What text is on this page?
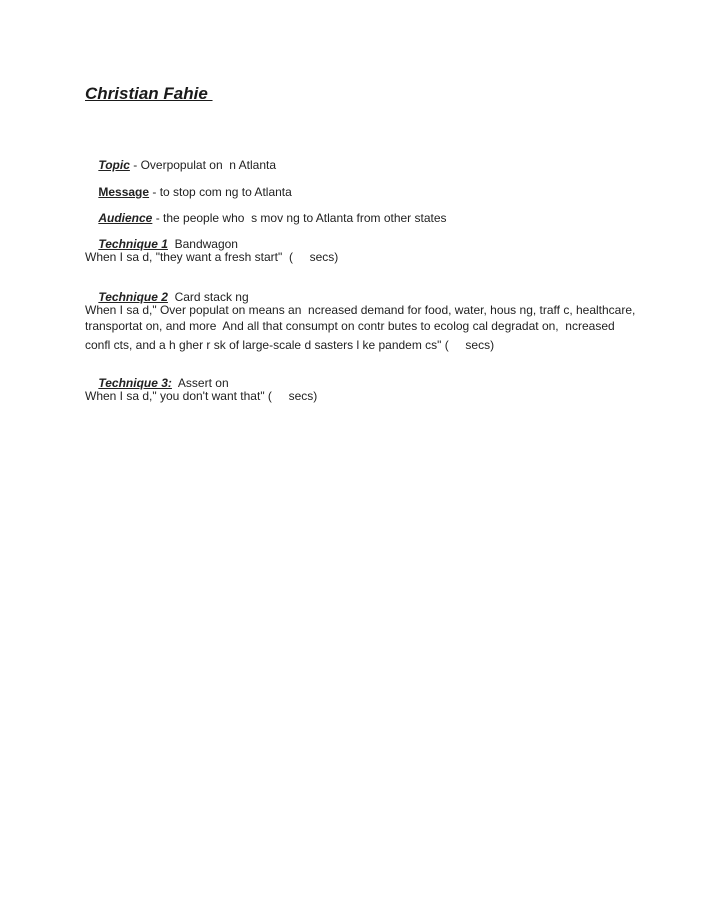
Christian Fahie

Topic - Overpopulat on  n Atlanta

Message - to stop com ng to Atlanta

Audience - the people who  s mov ng to Atlanta from other states

Technique 1  Bandwagon

When I sa d, "they want a fresh start"  (     secs)

Technique 2  Card stack ng

When I sa d," Over populat on means an  ncreased demand for food, water, hous ng, traff c, healthcare,
transportat on, and more  And all that consumpt on contr butes to ecolog cal degradat on,  ncreased
confl cts, and a h gher r sk of large-scale d sasters l ke pandem cs" (     secs)

Technique 3:  Assert on

When I sa d," you don't want that" (     secs)
